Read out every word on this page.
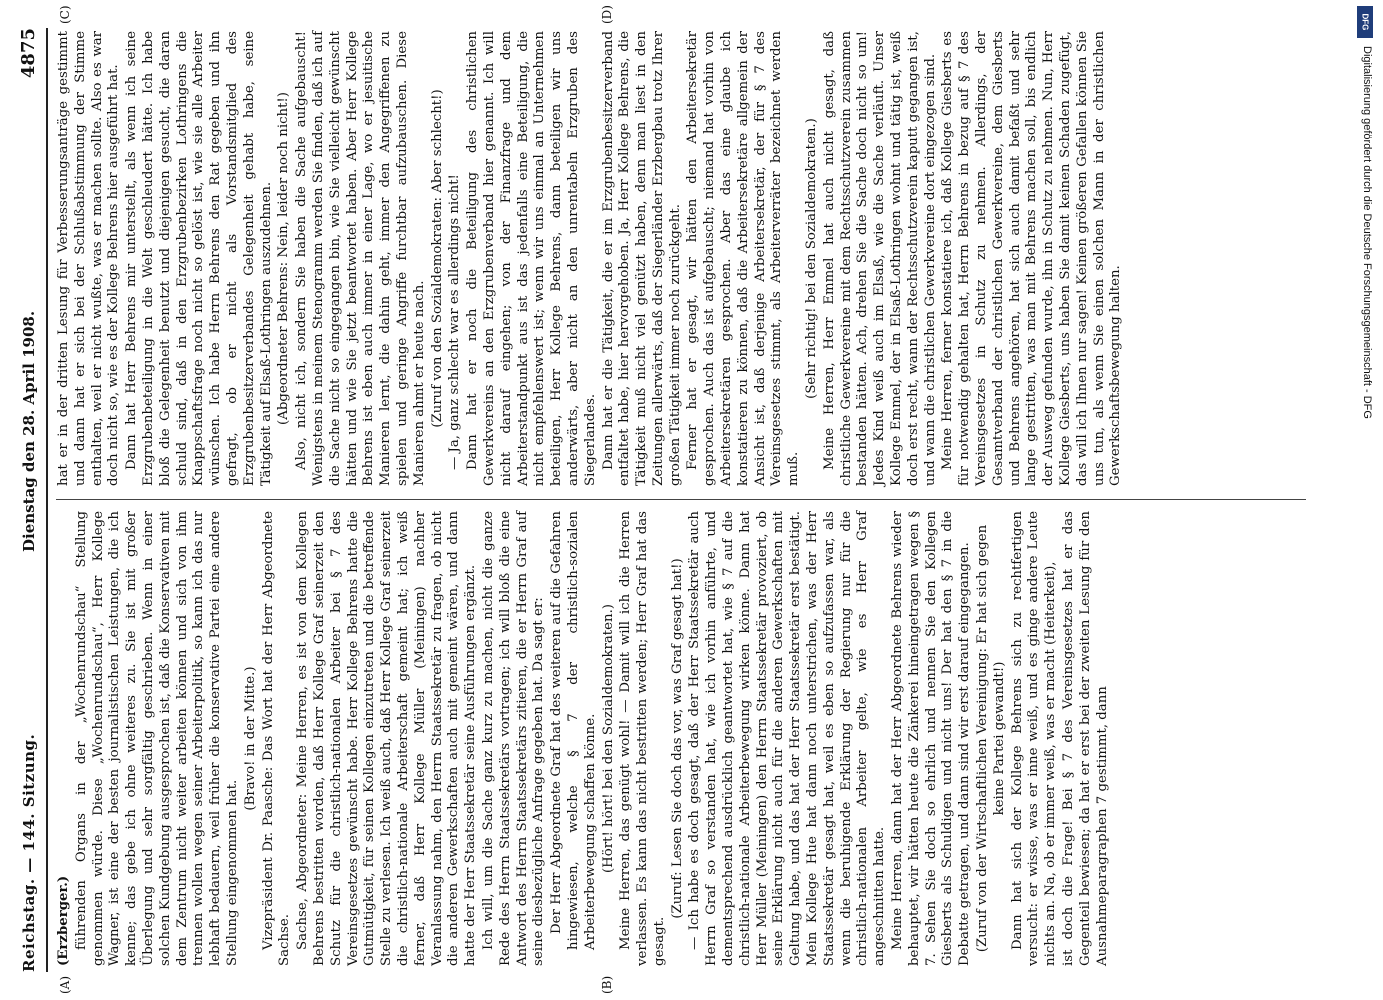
Reichstag. — 144. Sitzung.
Dienstag den 28. April 1908.
4875
(A)	(B)
(C)	(D)

(Erzberger.) führenden Organs in der „Wochenrundschau“ Stellung genommen würde. Diese „Wochenrundschau“, Herr Kollege Wagner, ist eine der besten journalistischen Leistungen, die ich kenne; das gebe ich ohne weiteres zu. Sie ist mit großer Überlegung und sehr sorgfältig geschrieben. Wenn in einer solchen Kundgebung ausgesprochen ist, daß die Konservativen mit dem Zentrum nicht weiter arbeiten können und sich von ihm trennen wollen wegen seiner Arbeiterpolitik, so kann ich das nur lebhaft bedauern, weil früher die konservative Partei eine andere Stellung eingenommen hat.

(Bravo! in der Mitte.) Vizepräsident Dr. Paasche: Das Wort hat der Herr Abgeordnete Sachse. Sachse, Abgeordneter: Meine Herren, es ist von dem Kollegen Behrens bestritten worden, daß Herr Kollege Graf seinerzeit den Schutz für die christlich-nationalen Arbeiter bei § 7 des Vereinsgesetzes gewünscht habe. Herr Kollege Behrens hatte die Gutmütigkeit, für seinen Kollegen einzutreten und die betreffende Stelle zu verlesen. Ich weiß auch, daß Herr Kollege Graf seinerzeit die christlich-nationale Arbeiterschaft gemeint hat; ich weiß ferner, daß Herr Kollege Müller (Meiningen) nachher Veranlassung nahm, den Herrn Staatssekretär zu fragen, ob nicht die anderen Gewerkschaften auch mit gemeint wären, und dann hatte der Herr Staatssekretär seine Ausführungen ergänzt. Ich will, um die Sache ganz kurz zu machen, nicht die ganze Rede des Herrn Staatssekretärs vortragen; ich will bloß die eine Antwort des Herrn Staatssekretärs zitieren, die er Herrn Graf auf seine diesbezügliche Anfrage gegeben hat. Da sagt er: Der Herr Abgeordnete Graf hat des weiteren auf die Gefahren hingewiesen, welche § 7 der christlich-sozialen Arbeiterbewegung schaffen könne. (Hört! hört! bei den Sozialdemokraten.) Meine Herren, das genügt wohl! — Damit will ich die Herren verlassen. Es kann das nicht bestritten werden; Herr Graf hat das gesagt.

(Zuruf: Lesen Sie doch das vor, was Graf gesagt hat!) — Ich habe es doch gesagt, daß der Herr Staatssekretär auch Herrn Graf so verstanden hat, wie ich vorhin anführte, und dementsprechend ausdrücklich geantwortet hat, wie § 7 auf die christlich-nationale Arbeiterbewegung wirken könne. Dann hat Herr Müller (Meiningen) den Herrn Staatssekretär provoziert, ob seine Erklärung nicht auch für die anderen Gewerkschaften mit Geltung habe, und das hat der Herr Staatssekretär erst bestätigt. Mein Kollege Hue hat dann noch unterstrichen, was der Herr Staatssekretär gesagt hat, weil es eben so aufzufassen war, als wenn die beruhigende Erklärung der Regierung nur für die christlich-nationalen Arbeiter gelte, wie es Herr Graf angeschnitten hatte. Meine Herren, dann hat der Herr Abgeordnete Behrens wieder behauptet, wir hätten heute die Zänkerei hineingetragen wegen § 7. Sehen Sie doch so ehrlich und nennen Sie den Kollegen Giesberts als Schuldigen und nicht uns! Der hat den § 7 in die Debatte getragen, und dann sind wir erst darauf eingegangen. (Zuruf von der Wirtschaftlichen Vereinigung: Er hat sich gegen keine Partei gewandt!) Dann hat sich der Kollege Behrens sich zu rechtfertigen versucht: er wisse, was er inne weiß, und es ginge andere Leute nichts an. Na, ob er immer weiß, was er macht (Heiterkeit), ist doch die Frage! Bei § 7 des Vereinsgesetzes hat er das Gegenteil bewiesen; da hat er erst bei der zweiten Lesung für den Ausnahmeparagraphen 7 gestimmt, dann

hat er in der dritten Lesung für Verbesserungsanträge gestimmt und dann hat er sich bei der Schlußabstimmung der Stimme enthalten, weil er nicht wußte, was er machen sollte. Also es war doch nicht so, wie es der Kollege Behrens hier ausgeführt hat. Dann hat Herr Behrens mir unterstellt, als wenn ich seine Erzgrubenbeteiligung in die Welt geschleudert hätte. Ich habe bloß die Gelegenheit benutzt und diejenigen gesucht, die daran schuld sind, daß in den Erzgrubenbezirken Lothringens die Knappschaftsfrage noch nicht so gelöst ist, wie sie alle Arbeiter wünschen. Ich habe Herrn Behrens den Rat gegeben und ihn gefragt, ob er nicht als Vorstandsmitglied des Erzgrubenbesitzerverbandes Gelegenheit gehabt habe, seine Tätigkeit auf Elsaß-Lothringen auszudehnen. (Abgeordneter Behrens: Nein, leider noch nicht!) Also, nicht ich, sondern Sie haben die Sache aufgebauscht! Wenigstens in meinem Stenogramm werden Sie finden, daß ich auf die Sache nicht so eingegangen bin, wie Sie vielleicht gewünscht hätten und wie Sie jetzt beantwortet haben. Aber Herr Kollege Behrens ist eben auch immer in einer Lage, wo er jesuitische Manieren lernt, die dahin geht, immer den Angegriffenen zu spielen und geringe Angriffe furchtbar aufzubauschen. Diese Manieren ahmt er heute nach. (Zuruf von den Sozialdemokraten: Aber schlecht!) — Ja, ganz schlecht war es allerdings nicht! Dann hat er noch die Beteiligung des christlichen Gewerkvereins an den Erzgrubenverband hier genannt. Ich will nicht darauf eingehen; von der Finanzfrage und dem Arbeiterstandpunkt aus ist das jedenfalls eine Beteiligung, die nicht empfehlenswert ist; wenn wir uns einmal an Unternehmen beteiligen, Herr Kollege Behrens, dann beteiligen wir uns anderwärts, aber nicht an den unrentabeln Erzgruben des Siegerlandes. Dann hat er die Tätigkeit, die er im Erzgrubenbesitzerverband entfaltet habe, hier hervorgehoben. Ja, Herr Kollege Behrens, die Tätigkeit muß nicht viel genützt haben, denn man liest in den Zeitungen allerwärts, daß der Siegerländer Erzbergbau trotz Ihrer großen Tätigkeit immer noch zurückgeht. Ferner hat er gesagt, wir hätten den Arbeitersekretär gesprochen. Auch das ist aufgebauscht; niemand hat vorhin von Arbeitersekretären gesprochen. Aber das eine glaube ich konstatieren zu können, daß die Arbeitersekretäre allgemein der Ansicht ist, daß derjenige Arbeitersekretär, der für § 7 des Vereinsgesetzes stimmt, als Arbeiterverräter bezeichnet werden muß.

(Sehr richtig! bei den Sozialdemokraten.) Meine Herren, Herr Emmel hat auch nicht gesagt, daß christliche Gewerkvereine mit dem Rechtsschutzverein zusammen bestanden hätten. Ach, drehen Sie die Sache doch nicht so um! Jedes Kind weiß auch im Elsaß, wie die Sache verläuft. Unser Kollege Emmel, der in Elsaß-Lothringen wohnt und tätig ist, weiß doch erst recht, wann der Rechtsschutzverein kaputt gegangen ist, und wann die christlichen Gewerkvereine dort eingezogen sind. Meine Herren, ferner konstatiere ich, daß Kollege Giesberts es für notwendig gehalten hat, Herrn Behrens in bezug auf § 7 des Vereinsgesetzes in Schutz zu nehmen. Allerdings, der Gesamtverband der christlichen Gewerkvereine, dem Giesberts und Behrens angehören, hat sich auch damit befaßt und sehr lange gestritten, was man mit Behrens machen soll, bis endlich der Ausweg gefunden wurde, ihn in Schutz zu nehmen. Nun, Herr Kollege Giesberts, uns haben Sie damit keinen Schaden zugefügt, das will ich Ihnen nur sagen! Keinen größeren Gefallen können Sie uns tun, als wenn Sie einen solchen Mann in der christlichen Gewerkschaftsbewegung halten.

DFG
Digitalisierung gefördert durch die Deutsche Forschungsgemeinschaft - DFG
